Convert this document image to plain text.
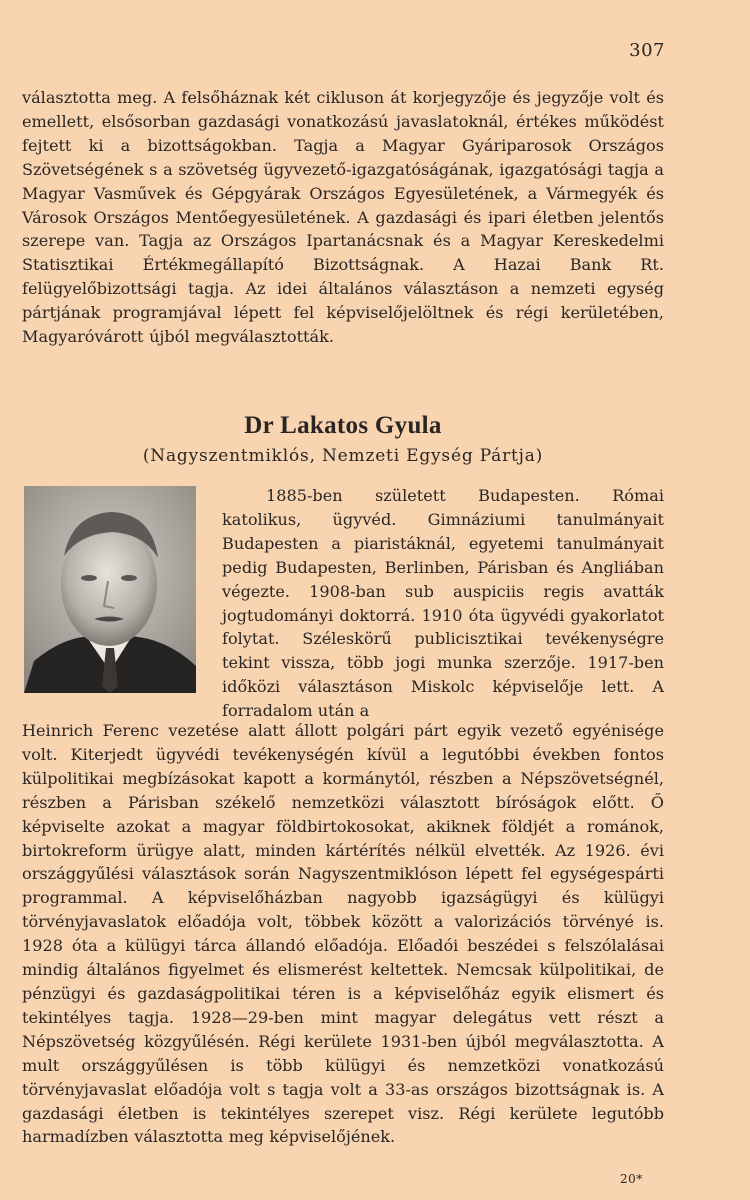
307

választotta meg. A felsőháznak két cikluson át korjegyzője és jegyzője volt és emellett, elsősorban gazdasági vonatkozású javaslatoknál, értékes működést fejtett ki a bizottságokban. Tagja a Magyar Gyáriparosok Országos Szövetségének s a szövetség ügyvezető-igazgatóságának, igazgatósági tagja a Magyar Vasművek és Gépgyárak Országos Egyesületének, a Vármegyék és Városok Országos Mentőegyesületének. A gazdasági és ipari életben jelentős szerepe van. Tagja az Országos Ipartanácsnak és a Magyar Kereskedelmi Statisztikai Értékmegállapító Bizottságnak. A Hazai Bank Rt. felügyelőbizottsági tagja. Az idei általános választáson a nemzeti egység pártjának programjával lépett fel képviselőjelöltnek és régi kerületében, Magyaróvárott újból megválasztották.

Dr Lakatos Gyula
(Nagyszentmiklós, Nemzeti Egység Pártja)

1885-ben született Budapesten. Római katolikus, ügyvéd. Gimnáziumi tanulmányait Budapesten a piaristáknál, egyetemi tanulmányait pedig Budapesten, Berlinben, Párisban és Angliában végezte. 1908-ban sub auspiciis regis avatták jogtudományi doktorrá. 1910 óta ügyvédi gyakorlatot folytat. Széleskörű publicisztikai tevékenységre tekint vissza, több jogi munka szerzője. 1917-ben időközi választáson Miskolc képviselője lett. A forradalom után a

Heinrich Ferenc vezetése alatt állott polgári párt egyik vezető egyénisége volt. Kiterjedt ügyvédi tevékenységén kívül a legutóbbi években fontos külpolitikai megbízásokat kapott a kormánytól, részben a Népszövetségnél, részben a Párisban székelő nemzetközi választott bíróságok előtt. Ő képviselte azokat a magyar földbirtokosokat, akiknek földjét a románok, birtokreform ürügye alatt, minden kártérítés nélkül elvették. Az 1926. évi országgyűlési választások során Nagyszentmiklóson lépett fel egységespárti programmal. A képviselőházban nagyobb igazságügyi és külügyi törvényjavaslatok előadója volt, többek között a valorizációs törvényé is. 1928 óta a külügyi tárca állandó előadója. Előadói beszédei s felszólalásai mindig általános figyelmet és elismerést keltettek. Nemcsak külpolitikai, de pénzügyi és gazdaságpolitikai téren is a képviselőház egyik elismert és tekintélyes tagja. 1928—29-ben mint magyar delegátus vett részt a Népszövetség közgyűlésén. Régi kerülete 1931-ben újból megválasztotta. A mult országgyűlésen is több külügyi és nemzetközi vonatkozású törvényjavaslat előadója volt s tagja volt a 33-as országos bizottságnak is. A gazdasági életben is tekintélyes szerepet visz. Régi kerülete legutóbb harmadízben választotta meg képviselőjének.

20*
